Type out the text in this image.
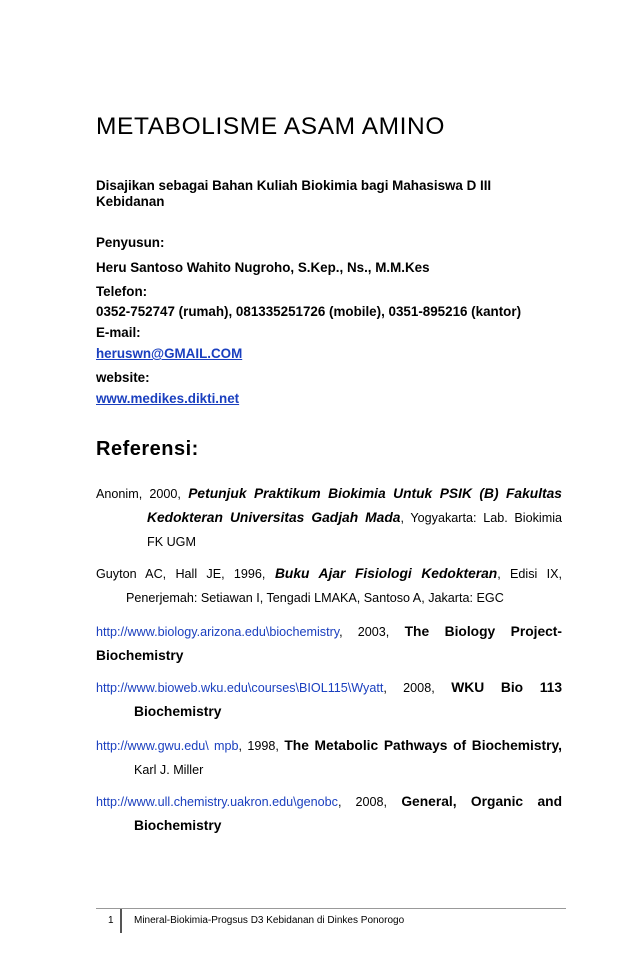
METABOLISME ASAM AMINO
Disajikan sebagai Bahan Kuliah Biokimia bagi Mahasiswa D III
Kebidanan
Penyusun:
Heru Santoso Wahito Nugroho, S.Kep., Ns., M.M.Kes
Telefon:
0352-752747 (rumah), 081335251726 (mobile), 0351-895216 (kantor)
E-mail:
heruswn@GMAIL.COM
website:
www.medikes.dikti.net
Referensi:
Anonim, 2000, Petunjuk Praktikum Biokimia Untuk PSIK (B) Fakultas Kedokteran Universitas Gadjah Mada, Yogyakarta: Lab. Biokimia FK UGM
Guyton AC, Hall JE, 1996, Buku Ajar Fisiologi Kedokteran, Edisi IX, Penerjemah: Setiawan I, Tengadi LMAKA, Santoso A, Jakarta: EGC
http://www.biology.arizona.edu\biochemistry, 2003, The Biology Project-Biochemistry
http://www.bioweb.wku.edu\courses\BIOL115\Wyatt, 2008, WKU Bio 113 Biochemistry
http://www.gwu.edu\ mpb, 1998, The Metabolic Pathways of Biochemistry, Karl J. Miller
http://www.ull.chemistry.uakron.edu\genobc, 2008, General, Organic and Biochemistry
1 Mineral-Biokimia-Progsus D3 Kebidanan di Dinkes Ponorogo
